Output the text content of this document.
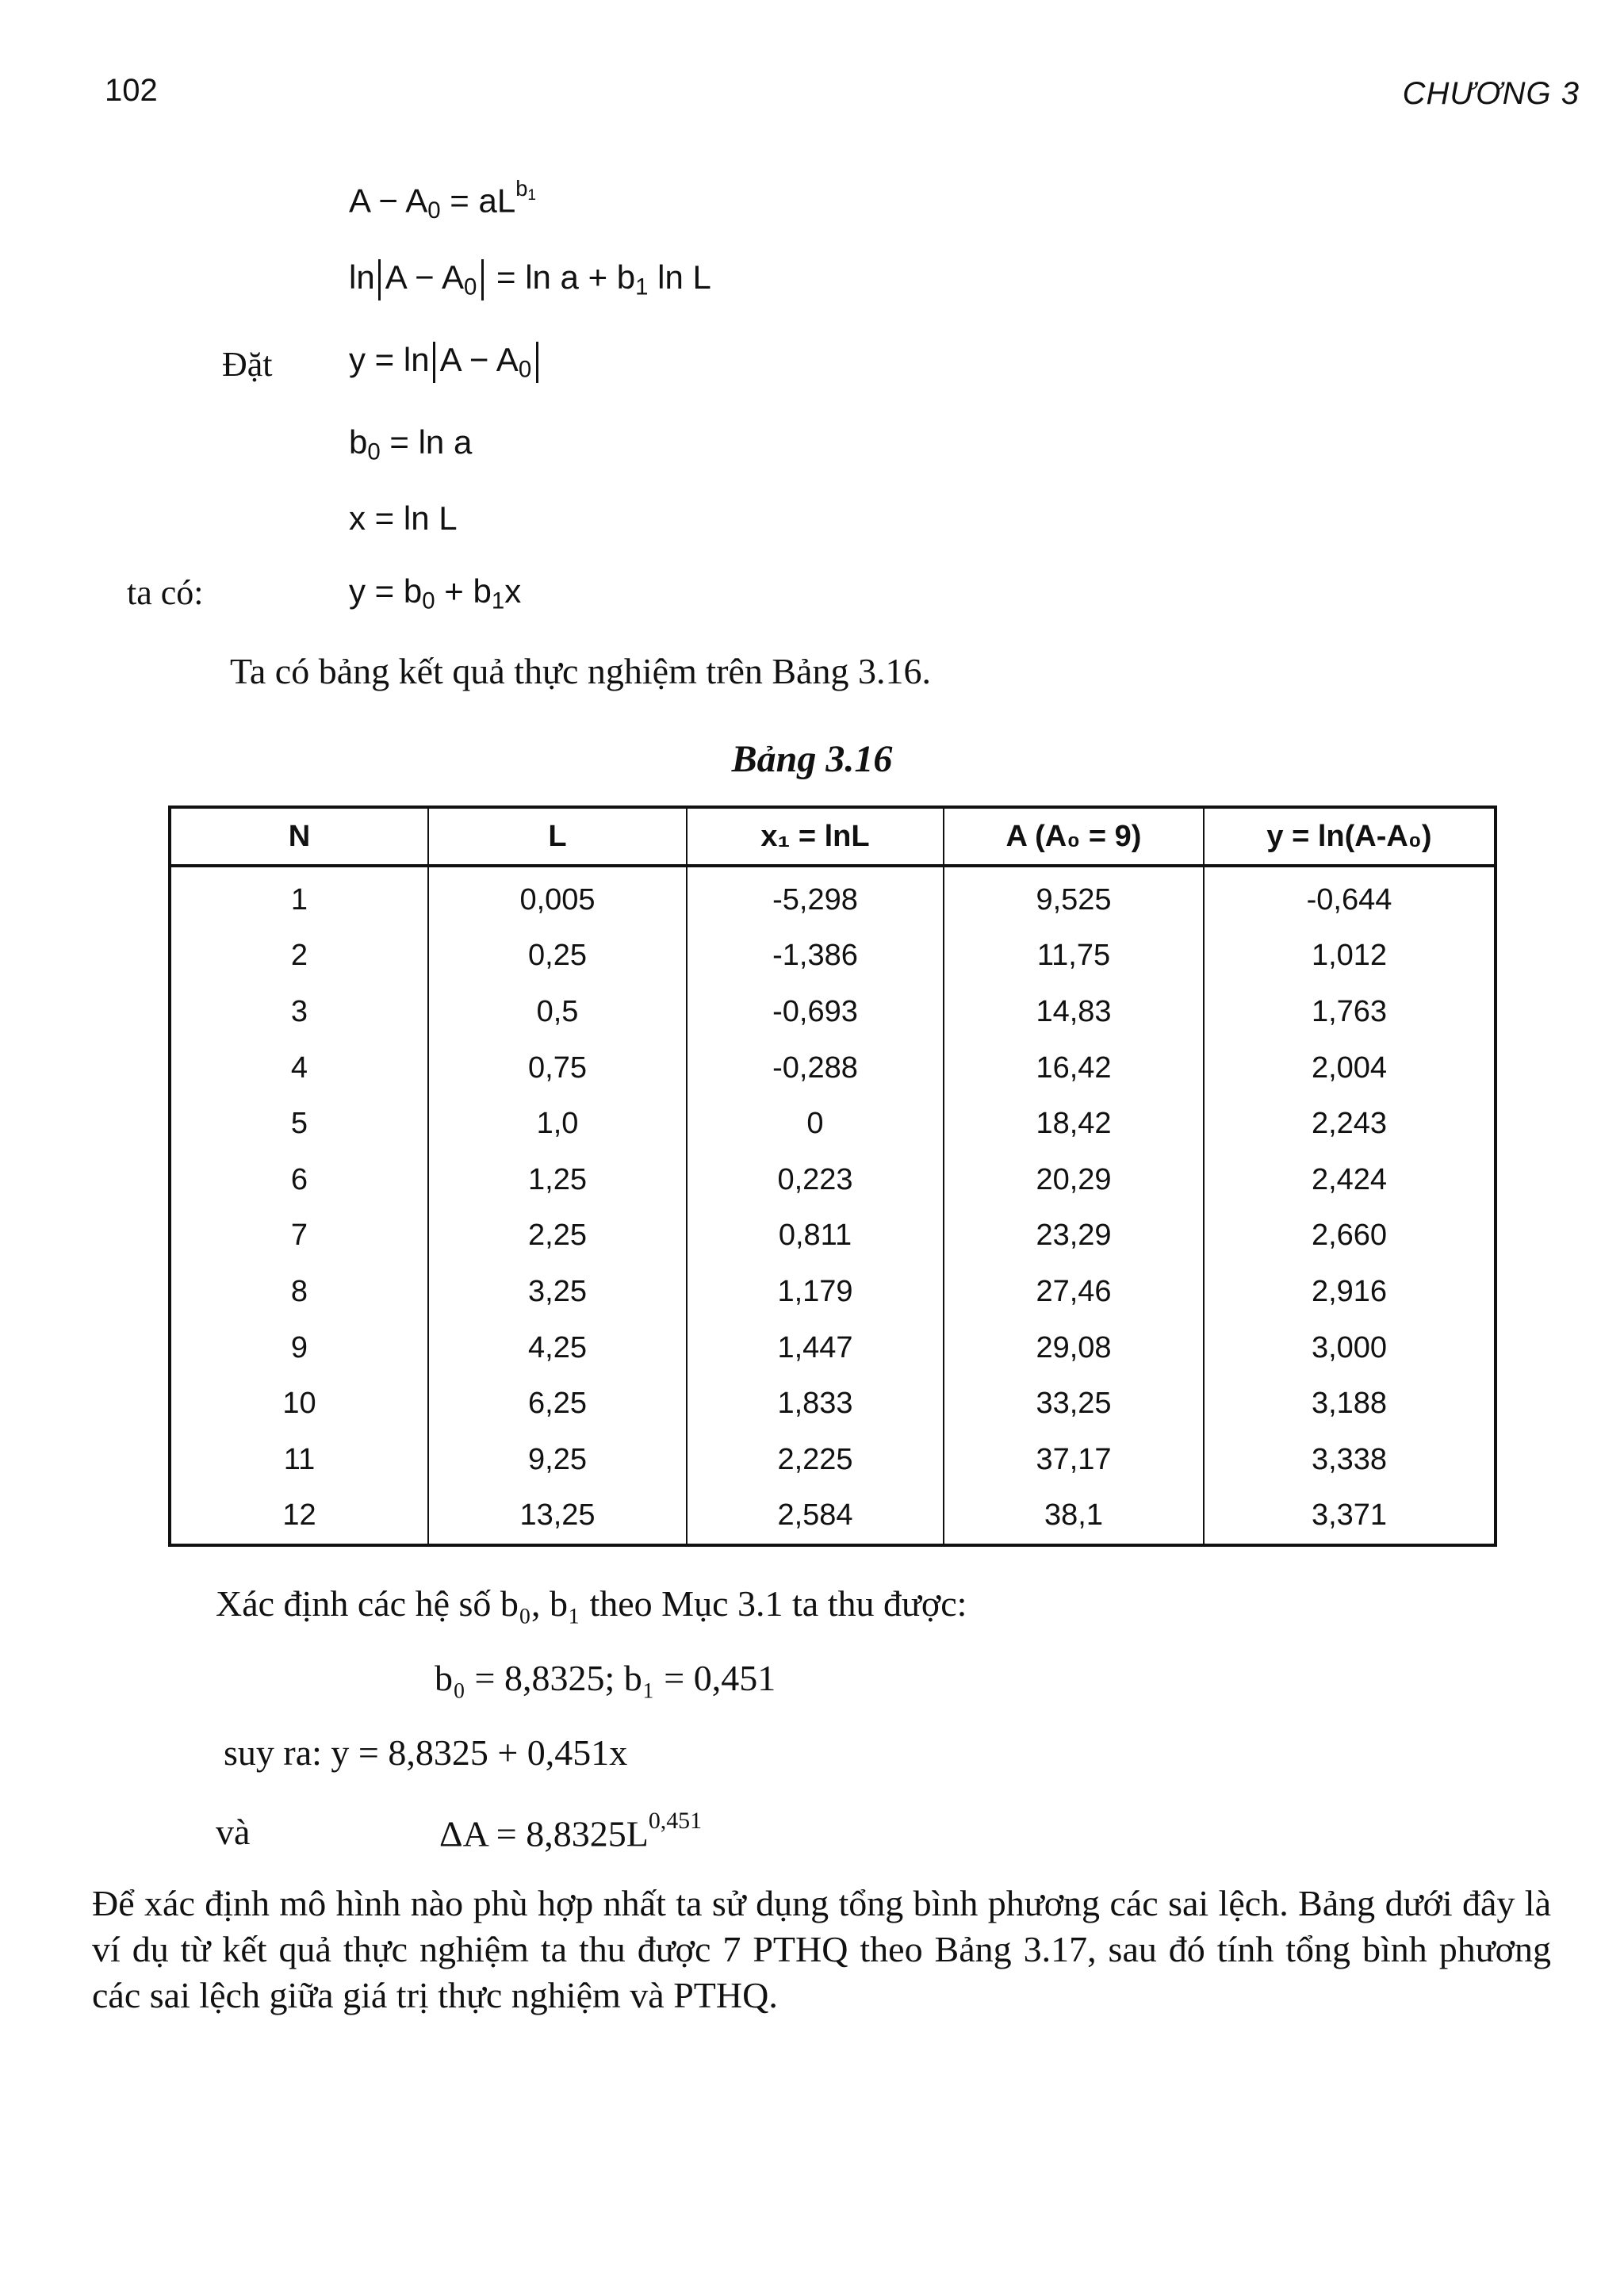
102	CHƯƠNG 3
$A - A_0 = aL^{b_1}$
$\ln A - A_0 = \ln a + b_1$ ln L
Đặt $y = \ln A - A_0$
$b_0 = \ln a$
x = ln L
ta có:	$y = b_0 + b_1x$
Ta có bảng kết quả thực nghiệm trên Bảng 3.16.
Bảng 3.16
N	L	x₁ = lnL	A (A₀ = 9)	y = ln(A-A₀)
1	0,005	-5,298	9,525	-0,644
2	0,25	-1,386	11,75	1,012
3	0,5	-0,693	14,83	1,763
4	0,75	-0,288	16,42	2,004
5	1,0	0	18,42	2,243
6	1,25	0,223	20,29	2,424
7	2,25	0,811	23,29	2,660
8	3,25	1,179	27,46	2,916
9	4,25	1,447	29,08	3,000
10	6,25	1,833	33,25	3,188
11	9,25	2,225	37,17	3,338
12	13,25	2,584	38,1	3,371
Xác định các hệ số b₀, b₁ theo Mục 3.1 ta thu được:
b₀ = 8,8325; b₁ = 0,451
suy ra: y = 8,8325 + 0,451x
và	$\Delta A = 8,8325L^{0,451}$
Để xác định mô hình nào phù hợp nhất ta sử dụng tổng bình phương các sai lệch. Bảng dưới đây là ví dụ từ kết quả thực nghiệm ta thu được 7 PTHQ theo Bảng 3.17, sau đó tính tổng bình phương các sai lệch giữa giá trị thực nghiệm và PTHQ.
